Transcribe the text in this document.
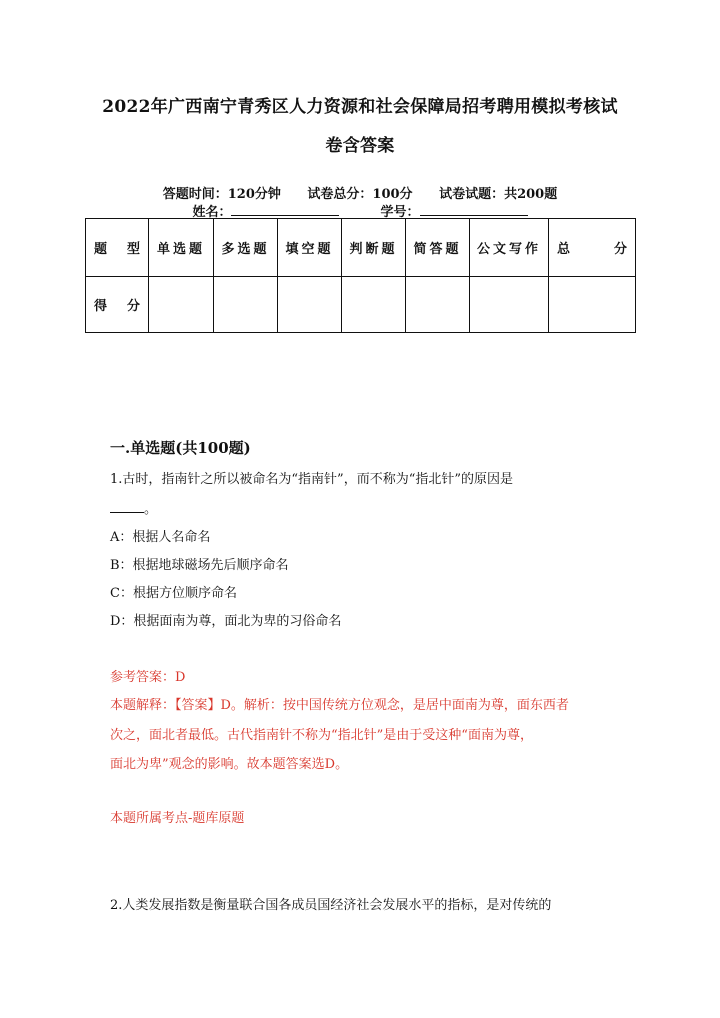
2022年广西南宁青秀区人力资源和社会保障局招考聘用模拟考核试
卷含答案
答题时间：120分钟 试卷总分：100分 试卷试题：共200题
姓名：	学号：
题 型	单选题	多选题	填空题	判断题	简答题	公文写作	总 分

得 分							

一.单选题(共100题)
1.古时，指南针之所以被命名为“指南针”，而不称为“指北针”的原因是
。
A：根据人名命名
B：根据地球磁场先后顺序命名
C：根据方位顺序命名
D：根据面南为尊，面北为卑的习俗命名
参考答案：D
本题解释：【答案】D。解析：按中国传统方位观念，是居中面南为尊，面东西者
次之，面北者最低。古代指南针不称为“指北针”是由于受这种“面南为尊，
面北为卑”观念的影响。故本题答案选D。
本题所属考点-题库原题
2.人类发展指数是衡量联合国各成员国经济社会发展水平的指标，是对传统的
